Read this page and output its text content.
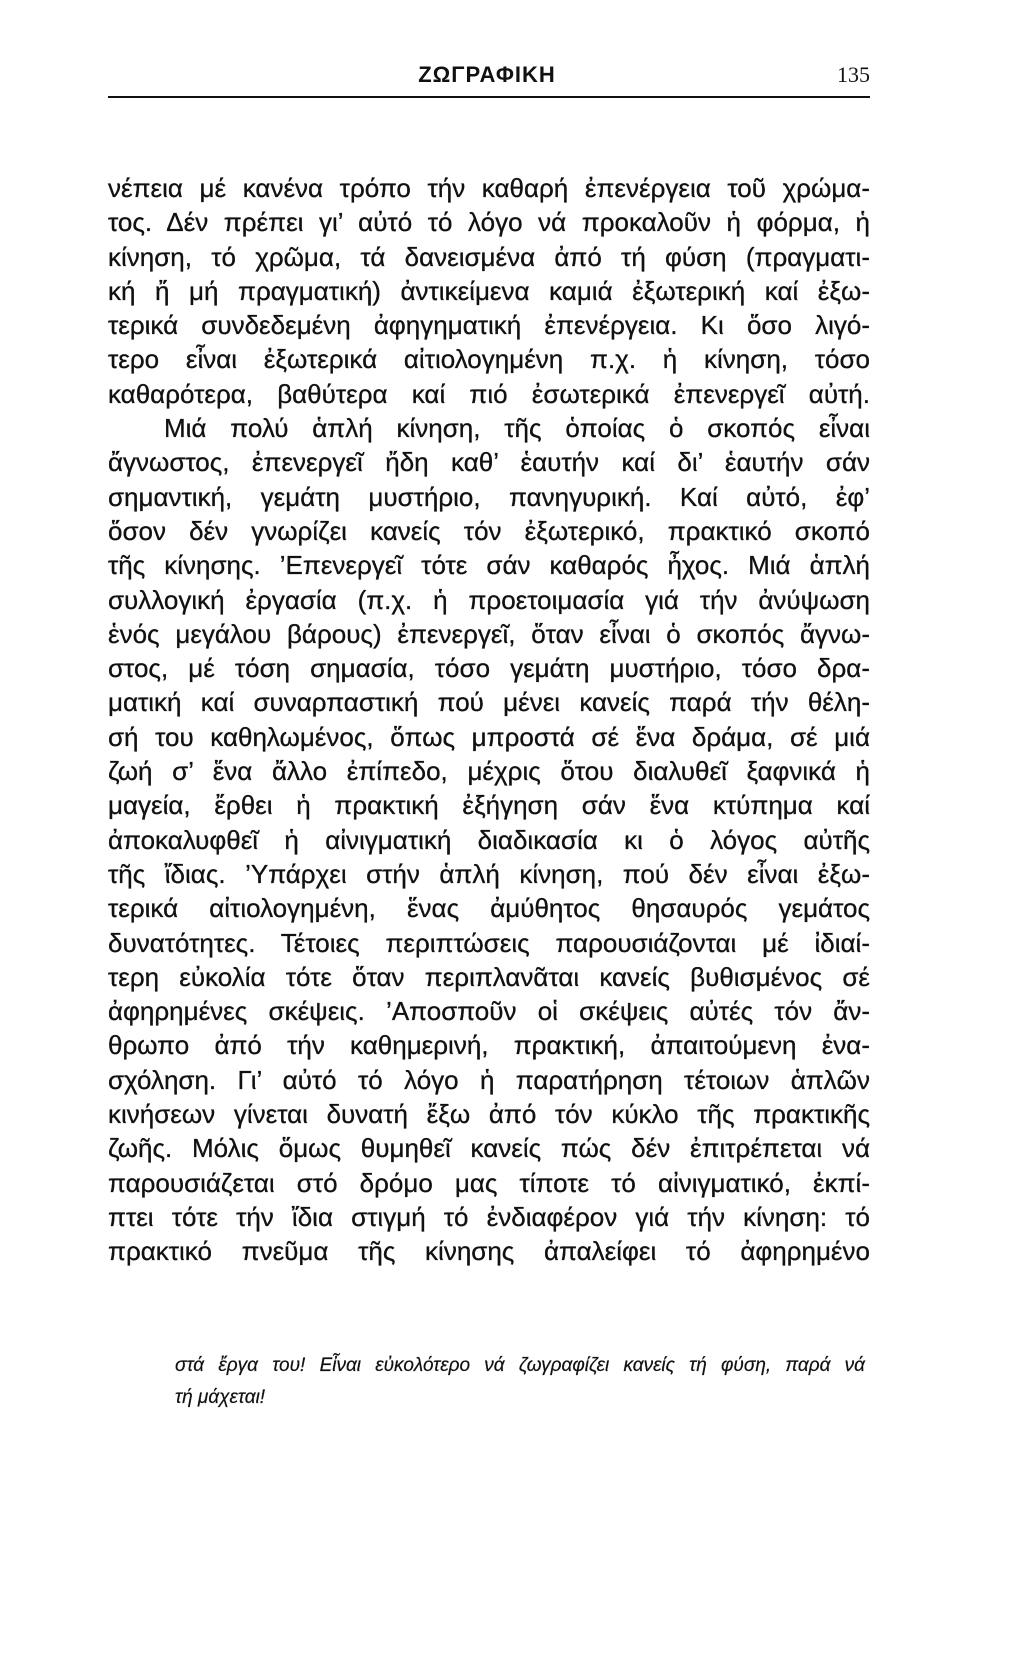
ΖΩΓΡΑΦΙΚΗ	135
νέπεια μέ κανένα τρόπο τήν καθαρή ἐπενέργεια τοῦ χρώμα-
τος. Δέν πρέπει γι’ αὐτό τό λόγο νά προκαλοῦν ἡ φόρμα, ἡ
κίνηση, τό χρῶμα, τά δανεισμένα ἀπό τή φύση (πραγματι-
κή ἤ μή πραγματική) ἀντικείμενα καμιά ἐξωτερική καί ἐξω-
τερικά συνδεδεμένη ἀφηγηματική ἐπενέργεια. Κι ὅσο λιγό-
τερο εἶναι ἐξωτερικά αἰτιολογημένη π.χ. ἡ κίνηση, τόσο
καθαρότερα, βαθύτερα καί πιό ἐσωτερικά ἐπενεργεῖ αὐτή.
Μιά πολύ ἁπλή κίνηση, τῆς ὁποίας ὁ σκοπός εἶναι
ἄγνωστος, ἐπενεργεῖ ἤδη καθ’ ἑαυτήν καί δι’ ἑαυτήν σάν
σημαντική, γεμάτη μυστήριο, πανηγυρική. Καί αὐτό, ἐφ’
ὅσον δέν γνωρίζει κανείς τόν ἐξωτερικό, πρακτικό σκοπό
τῆς κίνησης. ’Επενεργεῖ τότε σάν καθαρός ἦχος. Μιά ἁπλή
συλλογική ἐργασία (π.χ. ἡ προετοιμασία γιά τήν ἀνύψωση
ἑνός μεγάλου βάρους) ἐπενεργεῖ, ὅταν εἶναι ὁ σκοπός ἄγνω-
στος, μέ τόση σημασία, τόσο γεμάτη μυστήριο, τόσο δρα-
ματική καί συναρπαστική πού μένει κανείς παρά τήν θέλη-
σή του καθηλωμένος, ὅπως μπροστά σέ ἕνα δράμα, σέ μιά
ζωή σ’ ἕνα ἄλλο ἐπίπεδο, μέχρις ὅτου διαλυθεῖ ξαφνικά ἡ
μαγεία, ἔρθει ἡ πρακτική ἐξήγηση σάν ἕνα κτύπημα καί
ἀποκαλυφθεῖ ἡ αἰνιγματική διαδικασία κι ὁ λόγος αὐτῆς
τῆς ἴδιας. ’Υπάρχει στήν ἁπλή κίνηση, πού δέν εἶναι ἐξω-
τερικά αἰτιολογημένη, ἕνας ἀμύθητος θησαυρός γεμάτος
δυνατότητες. Τέτοιες περιπτώσεις παρουσιάζονται μέ ἰδιαί-
τερη εὐκολία τότε ὅταν περιπλανᾶται κανείς βυθισμένος σέ
ἀφηρημένες σκέψεις. ’Αποσποῦν οἱ σκέψεις αὐτές τόν ἄν-
θρωπο ἀπό τήν καθημερινή, πρακτική, ἀπαιτούμενη ἐνα-
σχόληση. Γι’ αὐτό τό λόγο ἡ παρατήρηση τέτοιων ἁπλῶν
κινήσεων γίνεται δυνατή ἔξω ἀπό τόν κύκλο τῆς πρακτικῆς
ζωῆς. Μόλις ὅμως θυμηθεῖ κανείς πώς δέν ἐπιτρέπεται νά
παρουσιάζεται στό δρόμο μας τίποτε τό αἰνιγματικό, ἐκπί-
πτει τότε τήν ἴδια στιγμή τό ἐνδιαφέρον γιά τήν κίνηση: τό
πρακτικό πνεῦμα τῆς κίνησης ἀπαλείφει τό ἀφηρημένο
στά ἔργα του! Εἶναι εὐκολότερο νά ζωγραφίζει κανείς τή φύση, παρά νά
τή μάχεται!
